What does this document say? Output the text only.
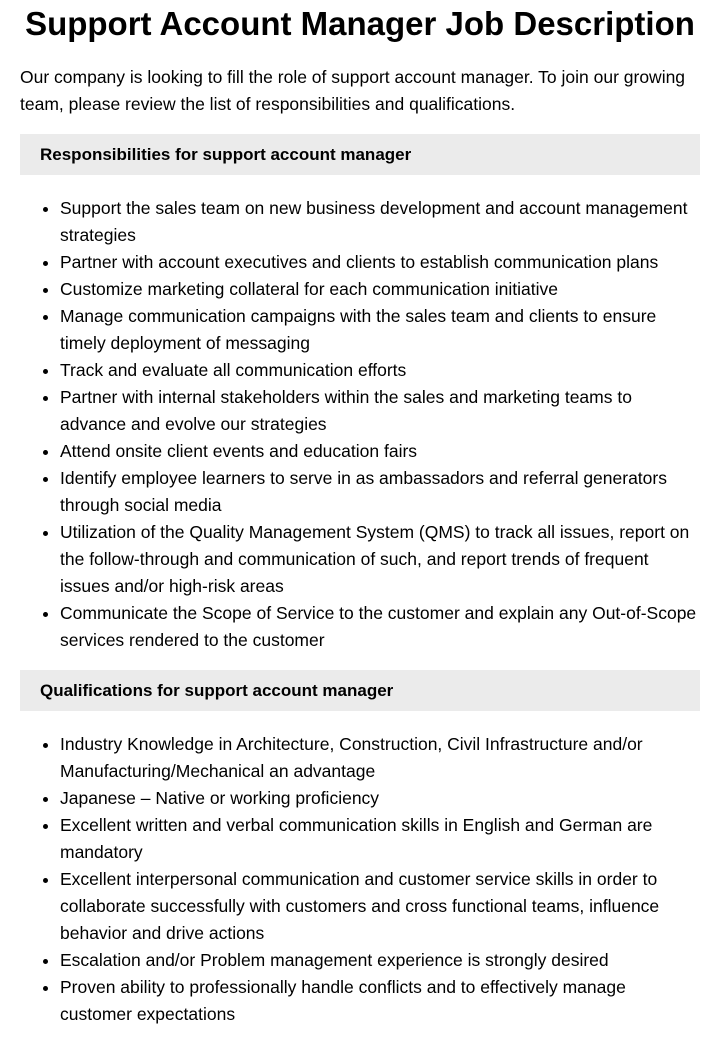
Support Account Manager Job Description

Our company is looking to fill the role of support account manager. To join our growing team, please review the list of responsibilities and qualifications.

Responsibilities for support account manager
• Support the sales team on new business development and account management strategies
• Partner with account executives and clients to establish communication plans
• Customize marketing collateral for each communication initiative
• Manage communication campaigns with the sales team and clients to ensure timely deployment of messaging
• Track and evaluate all communication efforts
• Partner with internal stakeholders within the sales and marketing teams to advance and evolve our strategies
• Attend onsite client events and education fairs
• Identify employee learners to serve in as ambassadors and referral generators through social media
• Utilization of the Quality Management System (QMS) to track all issues, report on the follow-through and communication of such, and report trends of frequent issues and/or high-risk areas
• Communicate the Scope of Service to the customer and explain any Out-of-Scope services rendered to the customer
Qualifications for support account manager
• Industry Knowledge in Architecture, Construction, Civil Infrastructure and/or Manufacturing/Mechanical an advantage
• Japanese – Native or working proficiency
• Excellent written and verbal communication skills in English and German are mandatory
• Excellent interpersonal communication and customer service skills in order to collaborate successfully with customers and cross functional teams, influence behavior and drive actions
• Escalation and/or Problem management experience is strongly desired
• Proven ability to professionally handle conflicts and to effectively manage customer expectations
